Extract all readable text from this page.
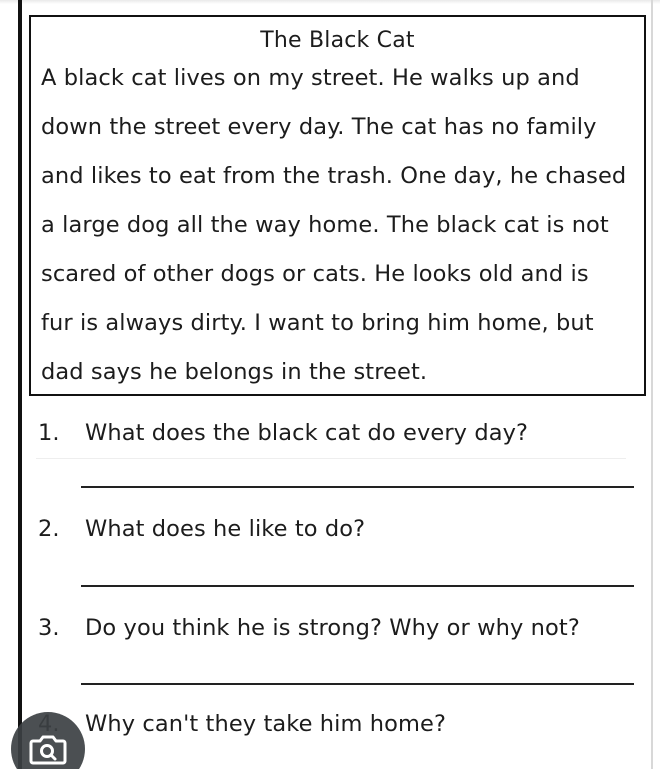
The Black Cat
A black cat lives on my street. He walks up and
down the street every day. The cat has no family
and likes to eat from the trash. One day, he chased
a large dog all the way home. The black cat is not
scared of other dogs or cats. He looks old and is
fur is always dirty. I want to bring him home, but
dad says he belongs in the street.
1. What does the black cat do every day?
2. What does he like to do?
3. Do you think he is strong? Why or why not?
Why can't they take him home?
